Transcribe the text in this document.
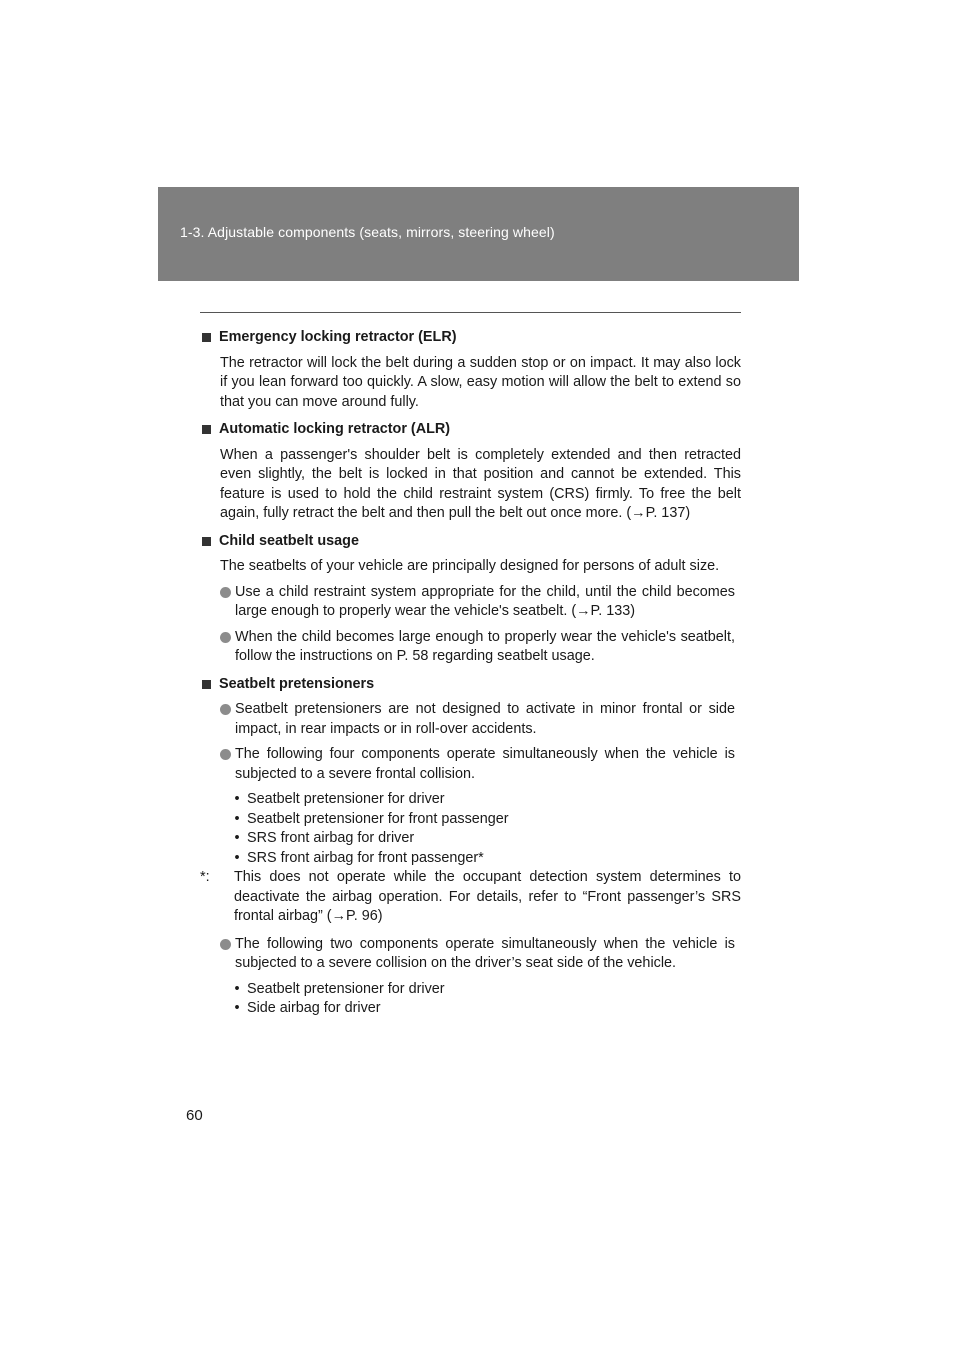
1-3. Adjustable components (seats, mirrors, steering wheel)
Emergency locking retractor (ELR)
The retractor will lock the belt during a sudden stop or on impact. It may also lock if you lean forward too quickly. A slow, easy motion will allow the belt to extend so that you can move around fully.
Automatic locking retractor (ALR)
When a passenger's shoulder belt is completely extended and then retracted even slightly, the belt is locked in that position and cannot be extended. This feature is used to hold the child restraint system (CRS) firmly. To free the belt again, fully retract the belt and then pull the belt out once more. (→P. 137)
Child seatbelt usage
The seatbelts of your vehicle are principally designed for persons of adult size.
Use a child restraint system appropriate for the child, until the child becomes large enough to properly wear the vehicle's seatbelt. (→P. 133)
When the child becomes large enough to properly wear the vehicle's seatbelt, follow the instructions on P. 58 regarding seatbelt usage.
Seatbelt pretensioners
Seatbelt pretensioners are not designed to activate in minor frontal or side impact, in rear impacts or in roll-over accidents.
The following four components operate simultaneously when the vehicle is subjected to a severe frontal collision.
• Seatbelt pretensioner for driver
• Seatbelt pretensioner for front passenger
• SRS front airbag for driver
• SRS front airbag for front passenger*
*:	This does not operate while the occupant detection system determines to deactivate the airbag operation. For details, refer to “Front passenger’s SRS frontal airbag” (→P. 96)
The following two components operate simultaneously when the vehicle is subjected to a severe collision on the driver’s seat side of the vehicle.
• Seatbelt pretensioner for driver
• Side airbag for driver
60
